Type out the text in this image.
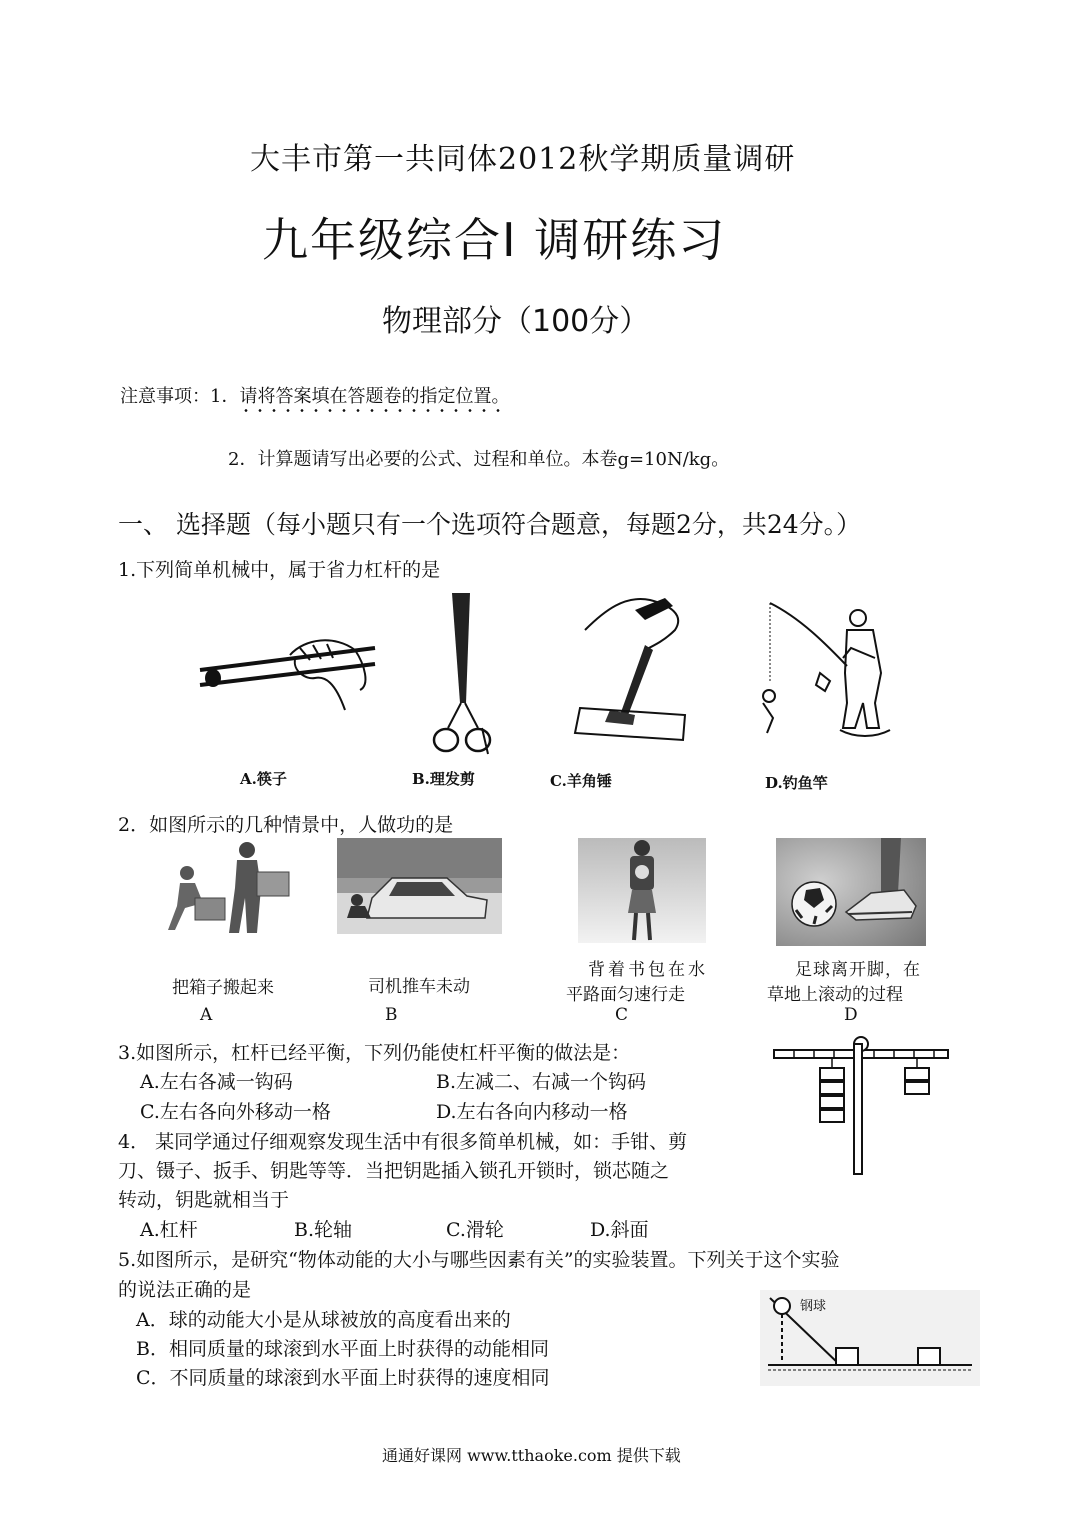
大丰市第一共同体2012秋学期质量调研
九年级综合Ⅰ 调研练习
物理部分（100分）
注意事项：1．请将答案填在答题卷的指定位置。
2．计算题请写出必要的公式、过程和单位。本卷g=10N/kg。
一、 选择题（每小题只有一个选项符合题意，每题2分，共24分。）
1.下列简单机械中，属于省力杠杆的是
A.筷子	B.理发剪	C.羊角锤	D.钓鱼竿
2．如图所示的几种情景中，人做功的是
把箱子搬起来
A
司机推车未动
B
背着书包在水
平路面匀速行走
C
足球离开脚，在
草地上滚动的过程
D
3.如图所示，杠杆已经平衡，下列仍能使杠杆平衡的做法是：
A.左右各减一钩码	B.左减二、右减一个钩码
C.左右各向外移动一格	D.左右各向内移动一格
4． 某同学通过仔细观察发现生活中有很多简单机械，如：手钳、剪
刀、镊子、扳手、钥匙等等．当把钥匙插入锁孔开锁时，锁芯随之
转动，钥匙就相当于
A.杠杆	B.轮轴	C.滑轮	D.斜面
5.如图所示，是研究“物体动能的大小与哪些因素有关”的实验装置。下列关于这个实验
的说法正确的是
A．球的动能大小是从球被放的高度看出来的
B．相同质量的球滚到水平面上时获得的动能相同
C．不同质量的球滚到水平面上时获得的速度相同
钢球
通通好课网 www.tthaoke.com 提供下载
